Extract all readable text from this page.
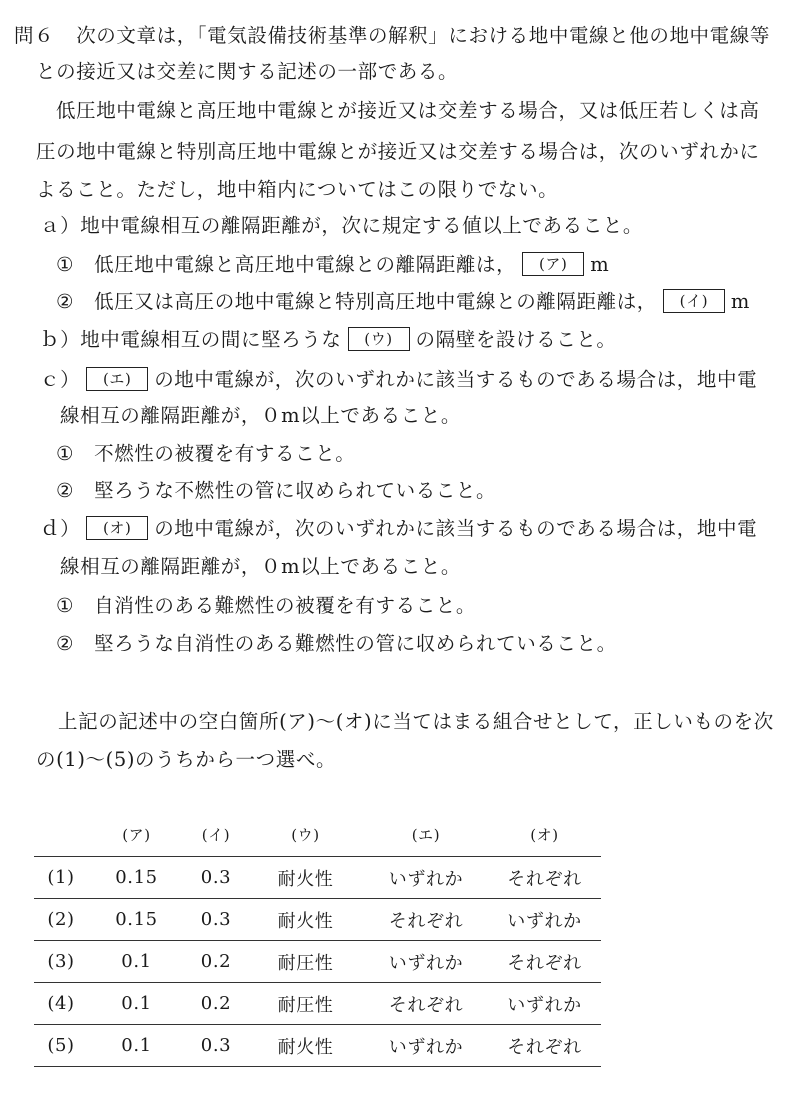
問６ 次の文章は，「電気設備技術基準の解釈」における地中電線と他の地中電線等
との接近又は交差に関する記述の一部である。
低圧地中電線と高圧地中電線とが接近又は交差する場合，又は低圧若しくは高
圧の地中電線と特別高圧地中電線とが接近又は交差する場合は，次のいずれかに
よること。ただし，地中箱内についてはこの限りでない。
ａ）地中電線相互の離隔距離が，次に規定する値以上であること。
① 低圧地中電線と高圧地中電線との離隔距離は， (ア) m
② 低圧又は高圧の地中電線と特別高圧地中電線との離隔距離は， (イ) m
ｂ）地中電線相互の間に堅ろうな (ウ) の隔壁を設けること。
ｃ） (エ) の地中電線が，次のいずれかに該当するものである場合は，地中電
線相互の離隔距離が，０m以上であること。
① 不燃性の被覆を有すること。
② 堅ろうな不燃性の管に収められていること。
ｄ） (オ) の地中電線が，次のいずれかに該当するものである場合は，地中電
線相互の離隔距離が，０m以上であること。
① 自消性のある難燃性の被覆を有すること。
② 堅ろうな自消性のある難燃性の管に収められていること。
上記の記述中の空白箇所(ア)～(オ)に当てはまる組合せとして，正しいものを次
の(1)～(5)のうちから一つ選べ。
	(ア)	(イ)	(ウ)	(エ)	(オ)
(1)	0.15	0.3	耐火性	いずれか	それぞれ
(2)	0.15	0.3	耐火性	それぞれ	いずれか
(3)	0.1	0.2	耐圧性	いずれか	それぞれ
(4)	0.1	0.2	耐圧性	それぞれ	いずれか
(5)	0.1	0.3	耐火性	いずれか	それぞれ
